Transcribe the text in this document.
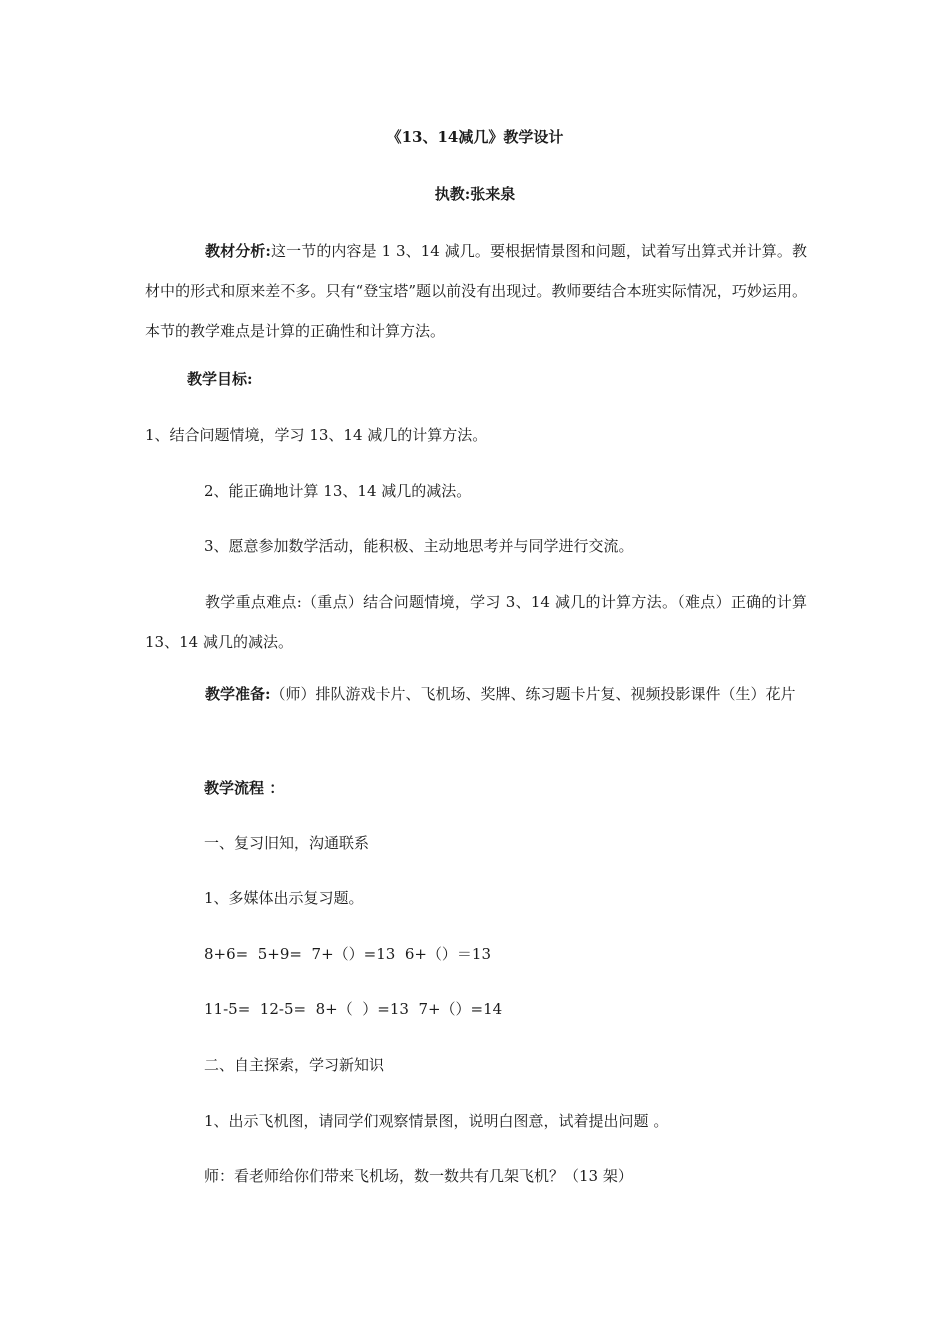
《13、14减几》教学设计
执教:张来泉
教材分析:这一节的内容是 1 3、14 减几。要根据情景图和问题，试着写出算式并计算。教材中的形式和原来差不多。只有“登宝塔”题以前没有出现过。教师要结合本班实际情况，巧妙运用。本节的教学难点是计算的正确性和计算方法。
教学目标:
1、结合问题情境，学习 13、14 减几的计算方法。
2、能正确地计算 13、14 减几的减法。
3、愿意参加数学活动，能积极、主动地思考并与同学进行交流。
教学重点难点:（重点）结合问题情境，学习 3、14 减几的计算方法。（难点）正确的计算 13、14 减几的减法。
教学准备:（师）排队游戏卡片、飞机场、奖牌、练习题卡片复、视频投影课件（生）花片
教学流程 ：
一、复习旧知，沟通联系
1、多媒体出示复习题。
8+6=  5+9=  7+（）=13  6+（）＝13
11-5=  12-5=  8+（  ）=13  7+（）=14
二、自主探索，学习新知识
1、出示飞机图，请同学们观察情景图，说明白图意，试着提出问题 。
师：看老师给你们带来飞机场，数一数共有几架飞机？（13 架）
